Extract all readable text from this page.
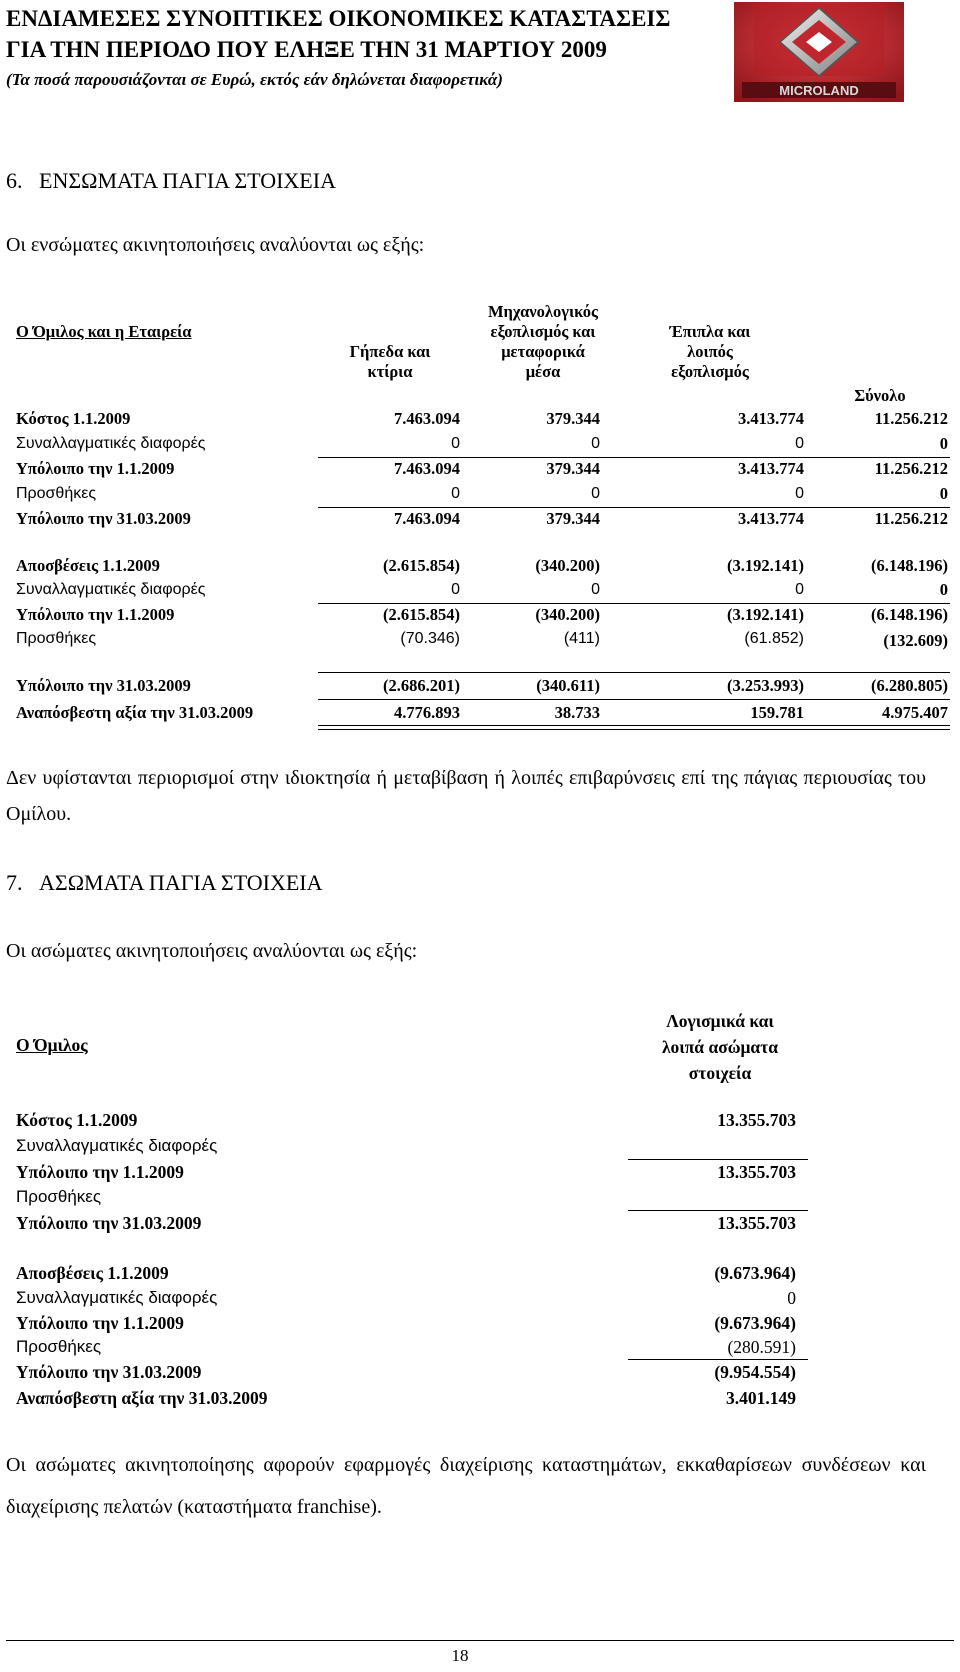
ΕΝΔΙΑΜΕΣΕΣ ΣΥΝΟΠΤΙΚΕΣ ΟΙΚΟΝΟΜΙΚΕΣ ΚΑΤΑΣΤΑΣΕΙΣ
ΓΙΑ ΤΗΝ ΠΕΡΙΟΔΟ ΠΟΥ ΕΛΗΞΕ ΤΗΝ 31 ΜΑΡΤΙΟΥ 2009
(Τα ποσά παρουσιάζονται σε Ευρώ, εκτός εάν δηλώνεται διαφορετικά)
MICROLAND
6.   ΕΝΣΩΜΑΤΑ ΠΑΓΙΑ ΣΤΟΙΧΕΙΑ
Οι ενσώματες ακινητοποιήσεις αναλύονται ως εξής:
Ο Όμιλος και η Εταιρεία
Γήπεδα και
κτίρια
Μηχανολογικός
εξοπλισμός και
μεταφορικά
μέσα
Έπιπλα και
λοιπός
εξοπλισμός
Σύνολο
Κόστος 1.1.2009	7.463.094	379.344	3.413.774	11.256.212
Συναλλαγματικές διαφορές	0	0	0	0
Υπόλοιπο την 1.1.2009	7.463.094	379.344	3.413.774	11.256.212
Προσθήκες	0	0	0	0
Υπόλοιπο την 31.03.2009	7.463.094	379.344	3.413.774	11.256.212
Αποσβέσεις 1.1.2009	(2.615.854)	(340.200)	(3.192.141)	(6.148.196)
Συναλλαγματικές διαφορές	0	0	0	0
Υπόλοιπο την 1.1.2009	(2.615.854)	(340.200)	(3.192.141)	(6.148.196)
Προσθήκες	(70.346)	(411)	(61.852)	(132.609)
Υπόλοιπο την 31.03.2009	(2.686.201)	(340.611)	(3.253.993)	(6.280.805)
Αναπόσβεστη αξία την 31.03.2009	4.776.893	38.733	159.781	4.975.407
Δεν υφίστανται περιορισμοί στην ιδιοκτησία ή μεταβίβαση ή λοιπές επιβαρύνσεις επί της πάγιας περιουσίας του Ομίλου.
7.   ΑΣΩΜΑΤΑ ΠΑΓΙΑ ΣΤΟΙΧΕΙΑ
Οι ασώματες ακινητοποιήσεις αναλύονται ως εξής:
Ο Όμιλος
Λογισμικά και
λοιπά ασώματα
στοιχεία
Κόστος 1.1.2009	13.355.703
Συναλλαγματικές διαφορές
Υπόλοιπο την 1.1.2009	13.355.703
Προσθήκες
Υπόλοιπο την 31.03.2009	13.355.703
Αποσβέσεις 1.1.2009	(9.673.964)
Συναλλαγματικές διαφορές	0
Υπόλοιπο την 1.1.2009	(9.673.964)
Προσθήκες	(280.591)
Υπόλοιπο την 31.03.2009	(9.954.554)
Αναπόσβεστη αξία την 31.03.2009	3.401.149
Οι ασώματες ακινητοποίησης αφορούν εφαρμογές διαχείρισης καταστημάτων, εκκαθαρίσεων συνδέσεων και διαχείρισης πελατών (καταστήματα franchise).
18
